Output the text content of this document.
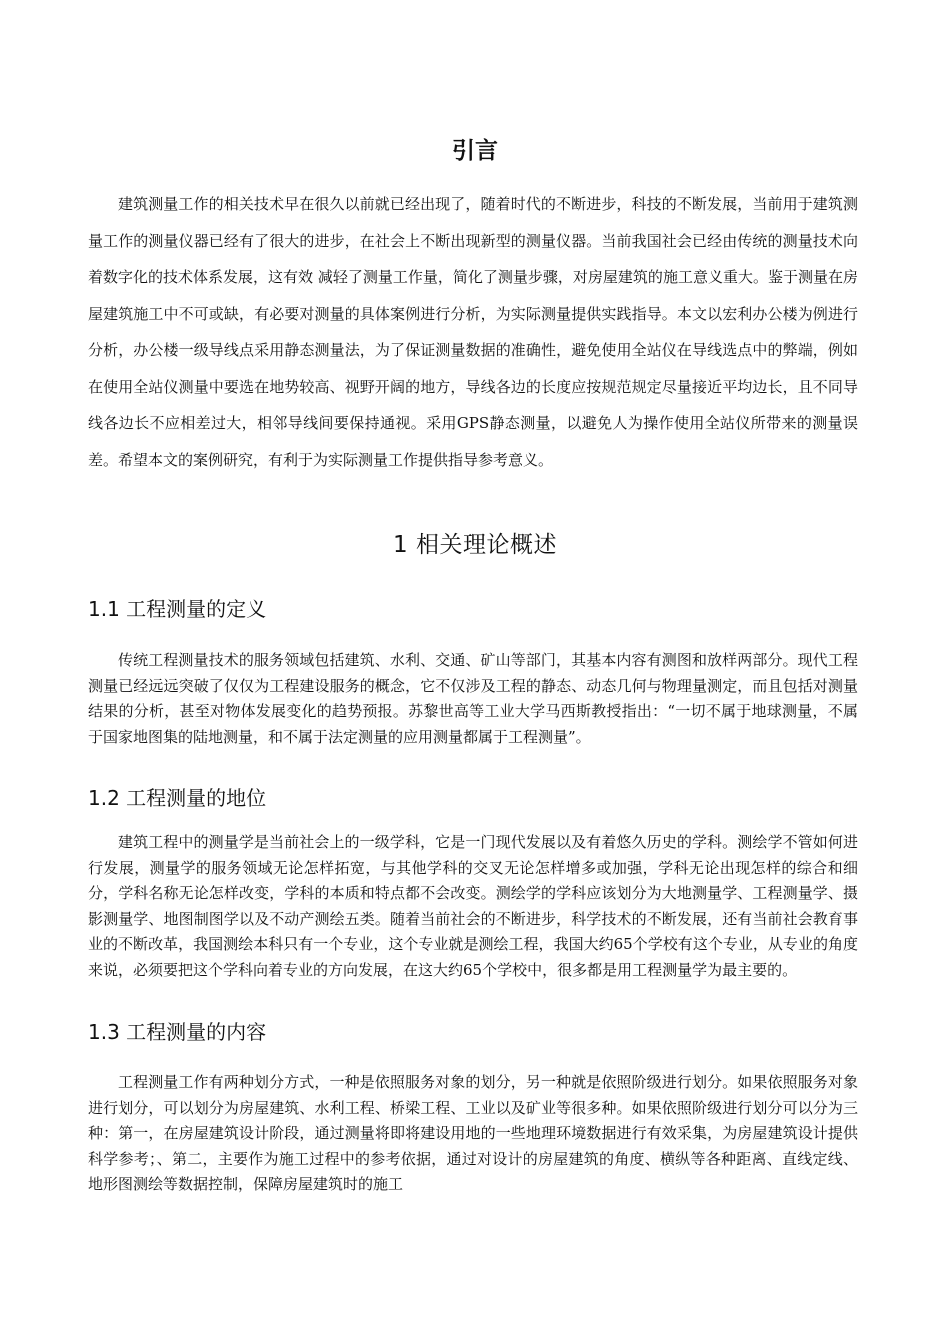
引言

建筑测量工作的相关技术早在很久以前就已经出现了，随着时代的不断进步，科技的不断发展，当前用于建筑测量工作的测量仪器已经有了很大的进步，在社会上不断出现新型的测量仪器。当前我国社会已经由传统的测量技术向着数字化的技术体系发展，这有效 减轻了测量工作量，简化了测量步骤，对房屋建筑的施工意义重大。鉴于测量在房屋建筑施工中不可或缺，有必要对测量的具体案例进行分析，为实际测量提供实践指导。本文以宏利办公楼为例进行分析，办公楼一级导线点采用静态测量法，为了保证测量数据的准确性，避免使用全站仪在导线选点中的弊端，例如在使用全站仪测量中要选在地势较高、视野开阔的地方，导线各边的长度应按规范规定尽量接近平均边长，且不同导线各边长不应相差过大，相邻导线间要保持通视。采用GPS静态测量，以避免人为操作使用全站仪所带来的测量误差。希望本文的案例研究，有利于为实际测量工作提供指导参考意义。

1 相关理论概述
1.1 工程测量的定义

传统工程测量技术的服务领域包括建筑、水利、交通、矿山等部门，其基本内容有测图和放样两部分。现代工程测量已经远远突破了仅仅为工程建设服务的概念，它不仅涉及工程的静态、动态几何与物理量测定，而且包括对测量结果的分析，甚至对物体发展变化的趋势预报。苏黎世高等工业大学马西斯教授指出：“一切不属于地球测量，不属于国家地图集的陆地测量，和不属于法定测量的应用测量都属于工程测量”。

1.2 工程测量的地位

建筑工程中的测量学是当前社会上的一级学科，它是一门现代发展以及有着悠久历史的学科。测绘学不管如何进行发展，测量学的服务领域无论怎样拓宽，与其他学科的交叉无论怎样增多或加强，学科无论出现怎样的综合和细分，学科名称无论怎样改变，学科的本质和特点都不会改变。测绘学的学科应该划分为大地测量学、工程测量学、摄影测量学、地图制图学以及不动产测绘五类。随着当前社会的不断进步，科学技术的不断发展，还有当前社会教育事业的不断改革，我国测绘本科只有一个专业，这个专业就是测绘工程，我国大约65个学校有这个专业，从专业的角度来说，必须要把这个学科向着专业的方向发展，在这大约65个学校中，很多都是用工程测量学为最主要的。

1.3 工程测量的内容

工程测量工作有两种划分方式，一种是依照服务对象的划分，另一种就是依照阶级进行划分。如果依照服务对象进行划分，可以划分为房屋建筑、水利工程、桥梁工程、工业以及矿业等很多种。如果依照阶级进行划分可以分为三种：第一，在房屋建筑设计阶段，通过测量将即将建设用地的一些地理环境数据进行有效采集，为房屋建筑设计提供科学参考；、第二，主要作为施工过程中的参考依据，通过对设计的房屋建筑的角度、横纵等各种距离、直线定线、地形图测绘等数据控制，保障房屋建筑时的施工
